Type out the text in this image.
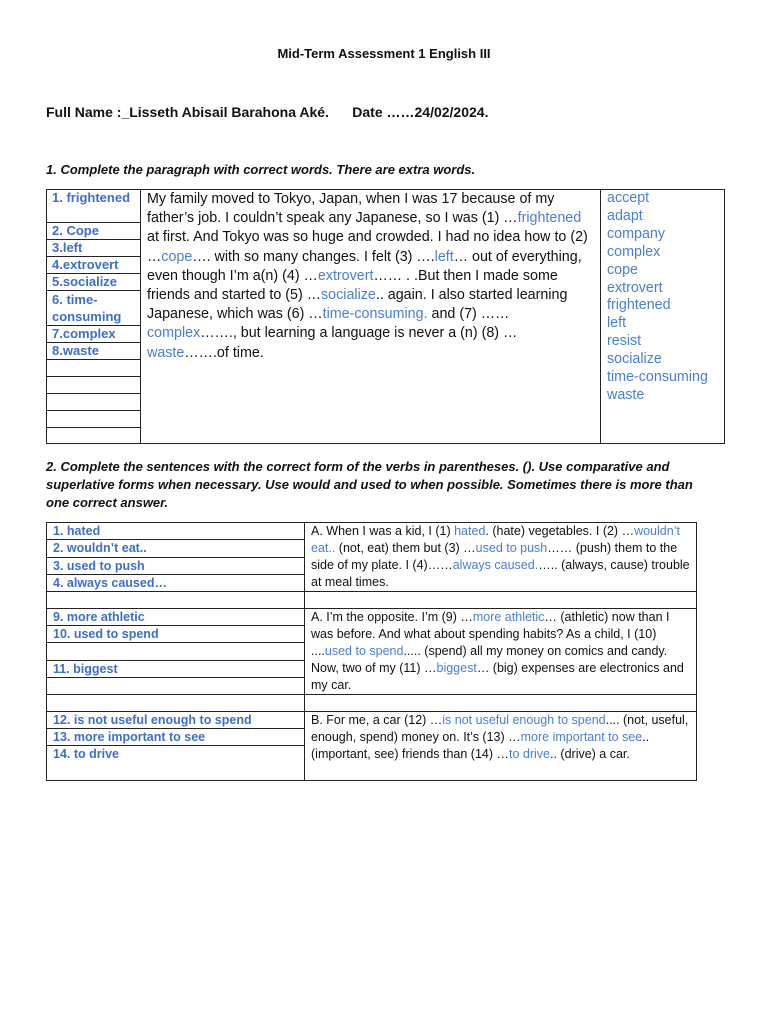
Mid-Term Assessment 1 English III
Full Name :_Lisseth Abisail Barahona Aké.      Date ……24/02/2024.
1. Complete the paragraph with correct words. There are extra words.
1. frightened
2. Cope
3.left
4.extrovert
5.socialize
6. time-consuming
7.complex
8.waste

	My family moved to Tokyo, Japan, when I was 17 because of my father’s job. I couldn’t speak any Japanese, so I was (1) …frightened at first. And Tokyo was so huge and crowded. I had no idea how to (2) …cope…. with so many changes. I felt (3) ….left… out of everything, even though I’m a(n) (4) …extrovert…… . .But then I made some friends and started to (5) …socialize.. again. I also started learning Japanese, which was (6) …time-consuming. and (7) ……complex……., but learning a language is never a (n) (8) …waste…….of time.	
accept
adapt
company
complex
cope
extrovert
frightened
left
resist
socialize
time-consuming
waste
2. Complete the sentences with the correct form of the verbs in parentheses. (). Use comparative and superlative forms when necessary. Use would and used to when possible. Sometimes there is more than one correct answer.
1. hated	A. When I was a kid, I (1) hated. (hate) vegetables. I (2) …wouldn’t eat.. (not, eat) them but (3) …used to push…… (push) them to the side of my plate. I (4)……always caused.….. (always, cause) trouble at meal times.
2. wouldn’t eat..	
3. used to push	
4. always caused…	

9. more athletic	A. I’m the opposite. I’m (9) …more athletic… (athletic) now than I was before. And what about spending habits? As a child, I (10) ....used to spend..... (spend) all my money on comics and candy. Now, two of my (11) …biggest… (big) expenses are electronics and my car.
10. used to spend	

11. biggest	

12. is not useful enough to spend	B. For me, a car (12) …is not useful enough to spend.... (not, useful, enough, spend) money on. It’s (13) …more important to see.. (important, see) friends than (14) …to drive.. (drive) a car.
13. more important to see	
14. to drive	
